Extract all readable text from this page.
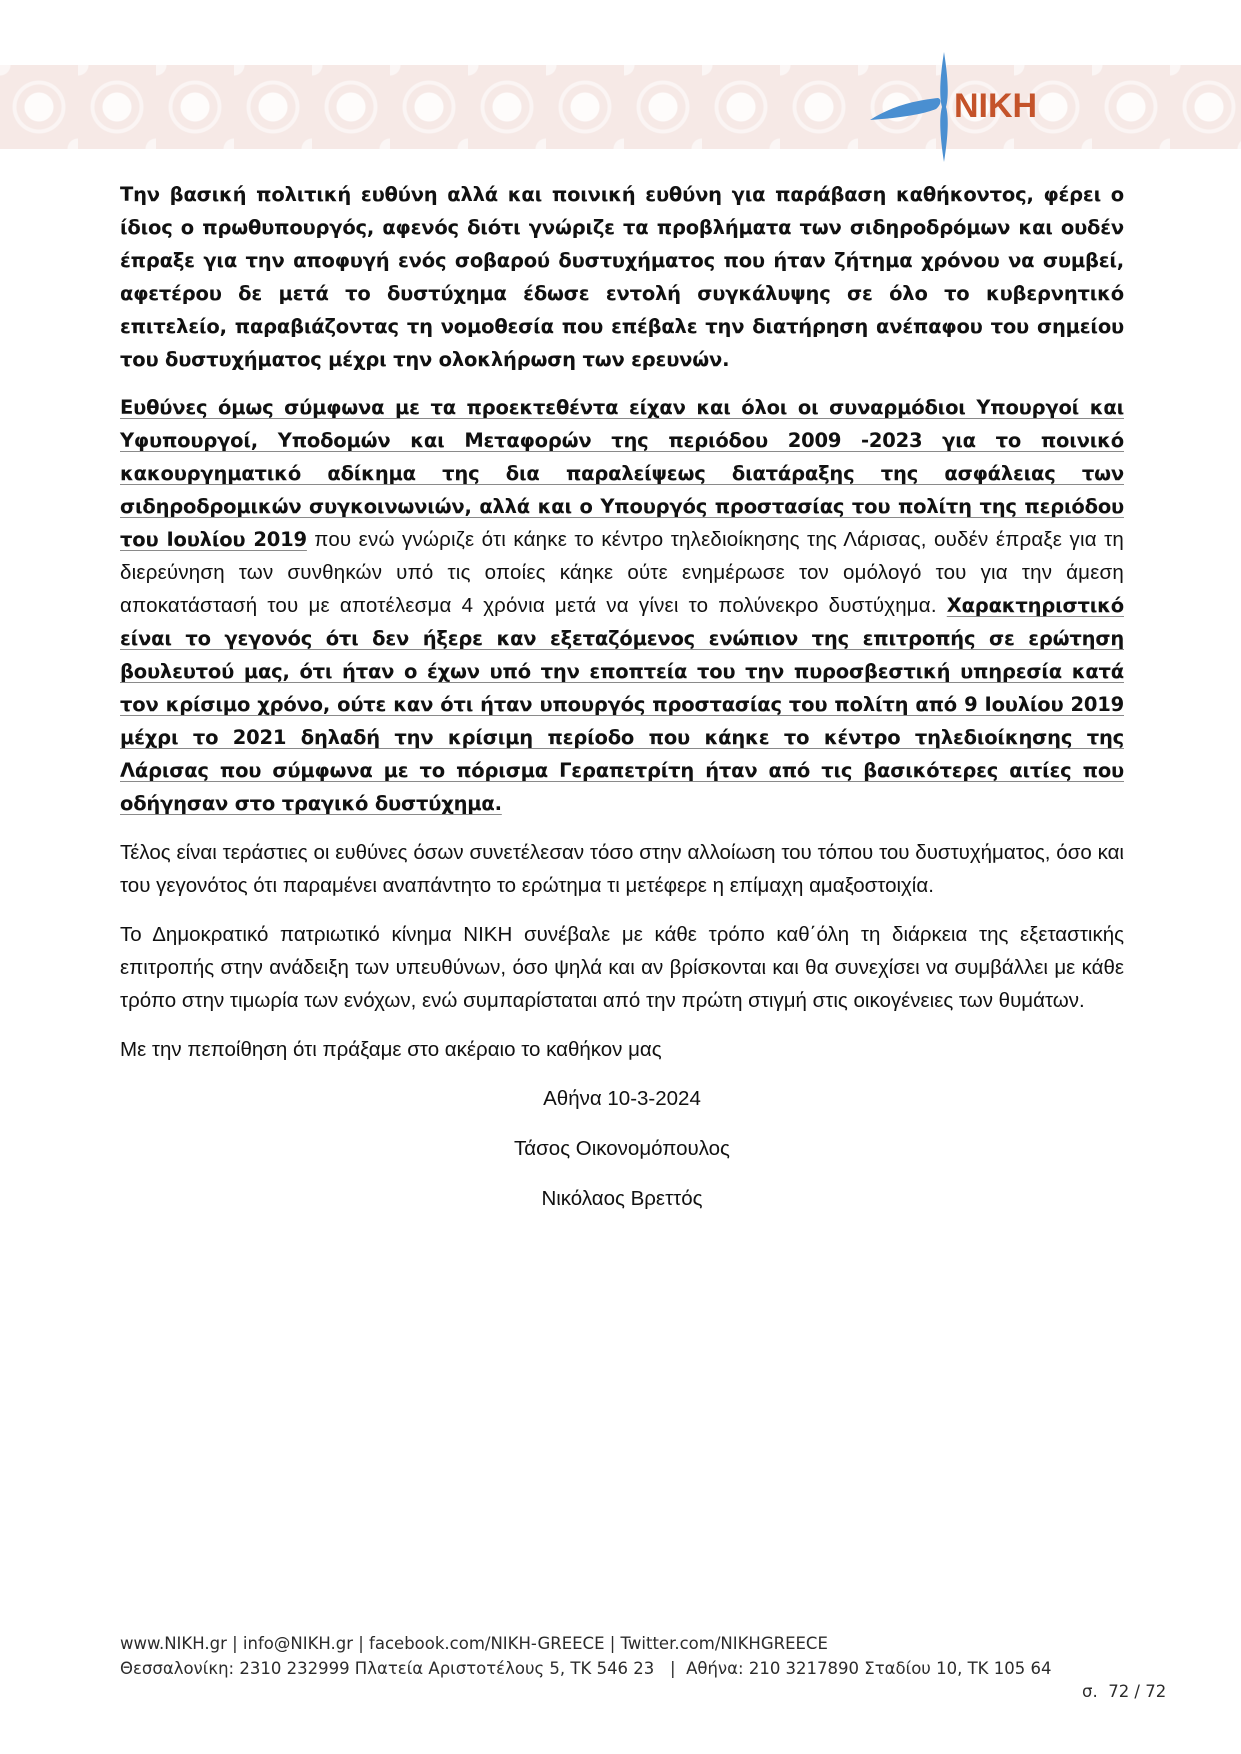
NIKH

Την βασική πολιτική ευθύνη αλλά και ποινική ευθύνη για παράβαση καθήκοντος, φέρει ο ίδιος ο πρωθυπουργός, αφενός διότι γνώριζε τα προβλήματα των σιδηροδρόμων και ουδέν έπραξε για την αποφυγή ενός σοβαρού δυστυχήματος που ήταν ζήτημα χρόνου να συμβεί, αφετέρου δε μετά το δυστύχημα έδωσε εντολή συγκάλυψης σε όλο το κυβερνητικό επιτελείο, παραβιάζοντας τη νομοθεσία που επέβαλε την διατήρηση ανέπαφου του σημείου του δυστυχήματος μέχρι την ολοκλήρωση των ερευνών.

Ευθύνες όμως σύμφωνα με τα προεκτεθέντα είχαν και όλοι οι συναρμόδιοι Υπουργοί και Υφυπουργοί, Υποδομών και Μεταφορών της περιόδου 2009 -2023 για το ποινικό κακουργηματικό αδίκημα της δια παραλείψεως διατάραξης της ασφάλειας των σιδηροδρομικών συγκοινωνιών, αλλά και ο Υπουργός προστασίας του πολίτη της περιόδου του Ιουλίου 2019 που ενώ γνώριζε ότι κάηκε το κέντρο τηλεδιοίκησης της Λάρισας, ουδέν έπραξε για τη διερεύνηση των συνθηκών υπό τις οποίες κάηκε ούτε ενημέρωσε τον ομόλογό του για την άμεση αποκατάστασή του με αποτέλεσμα 4 χρόνια μετά να γίνει το πολύνεκρο δυστύχημα. Χαρακτηριστικό είναι το γεγονός ότι δεν ήξερε καν εξεταζόμενος ενώπιον της επιτροπής σε ερώτηση βουλευτού μας, ότι ήταν ο έχων υπό την εποπτεία του την πυροσβεστική υπηρεσία κατά τον κρίσιμο χρόνο, ούτε καν ότι ήταν υπουργός προστασίας του πολίτη από 9 Ιουλίου 2019 μέχρι το 2021 δηλαδή την κρίσιμη περίοδο που κάηκε το κέντρο τηλεδιοίκησης της Λάρισας που σύμφωνα με το πόρισμα Γεραπετρίτη ήταν από τις βασικότερες αιτίες που οδήγησαν στο τραγικό δυστύχημα.

Τέλος είναι τεράστιες οι ευθύνες όσων συνετέλεσαν τόσο στην αλλοίωση του τόπου του δυστυχήματος, όσο και του γεγονότος ότι παραμένει αναπάντητο το ερώτημα τι μετέφερε η επίμαχη αμαξοστοιχία.

Το Δημοκρατικό πατριωτικό κίνημα ΝΙΚΗ συνέβαλε με κάθε τρόπο καθ΄όλη τη διάρκεια της εξεταστικής επιτροπής στην ανάδειξη των υπευθύνων, όσο ψηλά και αν βρίσκονται και θα συνεχίσει να συμβάλλει με κάθε τρόπο στην τιμωρία των ενόχων, ενώ συμπαρίσταται από την πρώτη στιγμή στις οικογένειες των θυμάτων.

Με την πεποίθηση ότι πράξαμε στο ακέραιο το καθήκον μας

Αθήνα 10-3-2024
Τάσος Οικονομόπουλος
Νικόλαος Βρεττός
www.NIKH.gr | info@NIKH.gr | facebook.com/NIKH-GREECE | Twitter.com/NIKHGREECE
Θεσσαλονίκη: 2310 232999 Πλατεία Αριστοτέλους 5, ΤΚ 546 23   |  Αθήνα: 210 3217890 Σταδίου 10, ΤΚ 105 64
σ.  72 / 72
